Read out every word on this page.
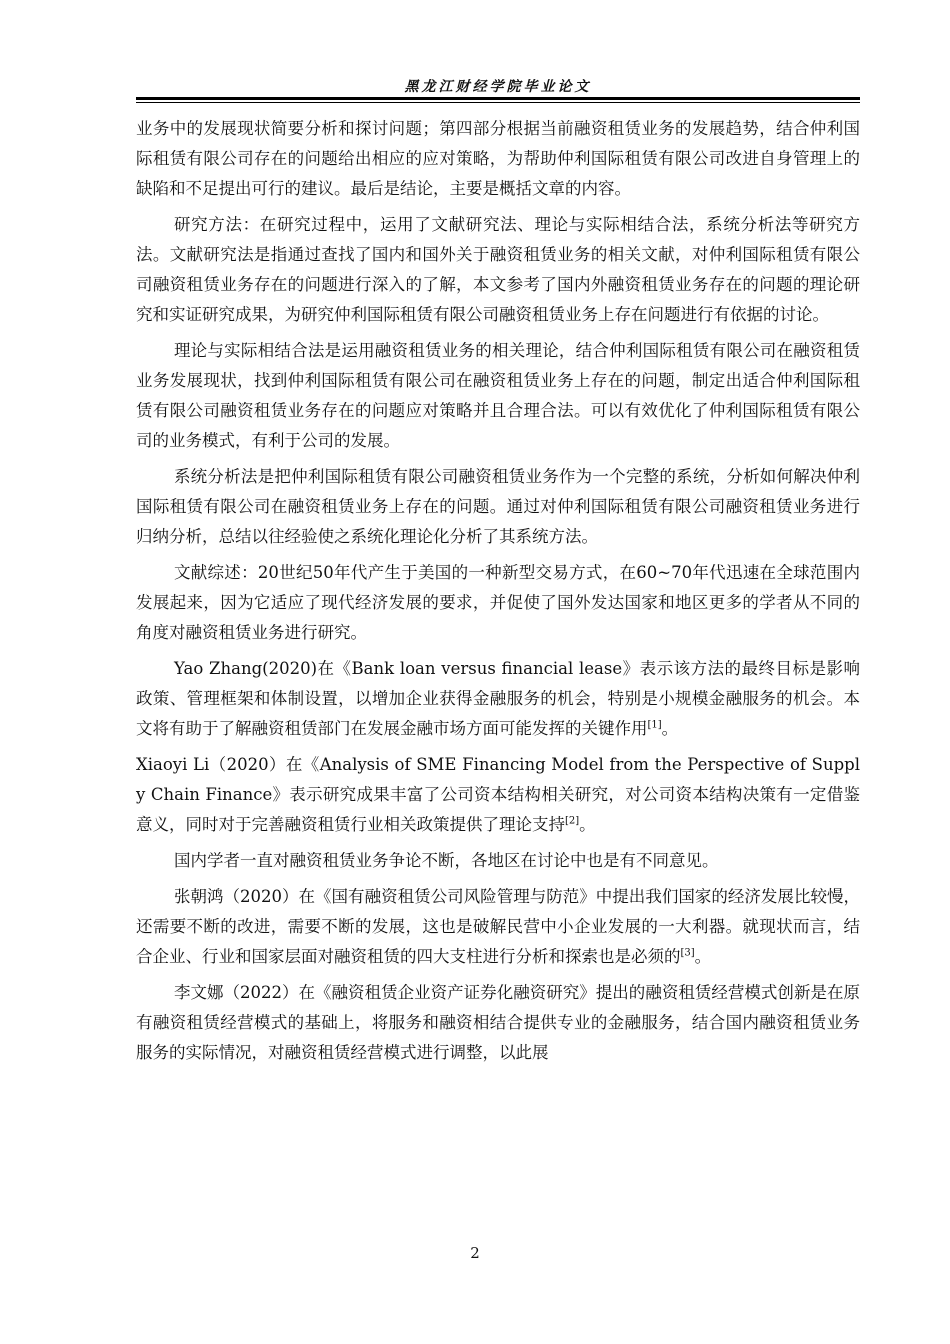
黑龙江财经学院毕业论文

业务中的发展现状简要分析和探讨问题；第四部分根据当前融资租赁业务的发展趋势，结合仲利国际租赁有限公司存在的问题给出相应的应对策略，为帮助仲利国际租赁有限公司改进自身管理上的缺陷和不足提出可行的建议。最后是结论，主要是概括文章的内容。

研究方法：在研究过程中，运用了文献研究法、理论与实际相结合法，系统分析法等研究方法。文献研究法是指通过查找了国内和国外关于融资租赁业务的相关文献，对仲利国际租赁有限公司融资租赁业务存在的问题进行深入的了解，本文参考了国内外融资租赁业务存在的问题的理论研究和实证研究成果，为研究仲利国际租赁有限公司融资租赁业务上存在问题进行有依据的讨论。

理论与实际相结合法是运用融资租赁业务的相关理论，结合仲利国际租赁有限公司在融资租赁业务发展现状，找到仲利国际租赁有限公司在融资租赁业务上存在的问题，制定出适合仲利国际租赁有限公司融资租赁业务存在的问题应对策略并且合理合法。可以有效优化了仲利国际租赁有限公司的业务模式，有利于公司的发展。

系统分析法是把仲利国际租赁有限公司融资租赁业务作为一个完整的系统，分析如何解决仲利国际租赁有限公司在融资租赁业务上存在的问题。通过对仲利国际租赁有限公司融资租赁业务进行归纳分析，总结以往经验使之系统化理论化分析了其系统方法。

文献综述：20世纪50年代产生于美国的一种新型交易方式，在60~70年代迅速在全球范围内发展起来，因为它适应了现代经济发展的要求，并促使了国外发达国家和地区更多的学者从不同的角度对融资租赁业务进行研究。

Yao Zhang(2020)在《Bank loan versus financial lease》表示该方法的最终目标是影响政策、管理框架和体制设置，以增加企业获得金融服务的机会，特别是小规模金融服务的机会。本文将有助于了解融资租赁部门在发展金融市场方面可能发挥的关键作用[1]。

Xiaoyi Li（2020）在《Analysis of SME Financing Model from the Perspective of Supply Chain Finance》表示研究成果丰富了公司资本结构相关研究，对公司资本结构决策有一定借鉴意义，同时对于完善融资租赁行业相关政策提供了理论支持[2]。

国内学者一直对融资租赁业务争论不断，各地区在讨论中也是有不同意见。

张朝鸿（2020）在《国有融资租赁公司风险管理与防范》中提出我们国家的经济发展比较慢，还需要不断的改进，需要不断的发展，这也是破解民营中小企业发展的一大利器。就现状而言，结合企业、行业和国家层面对融资租赁的四大支柱进行分析和探索也是必须的[3]。

李文娜（2022）在《融资租赁企业资产证券化融资研究》提出的融资租赁经营模式创新是在原有融资租赁经营模式的基础上，将服务和融资相结合提供专业的金融服务，结合国内融资租赁业务服务的实际情况，对融资租赁经营模式进行调整，以此展

2
